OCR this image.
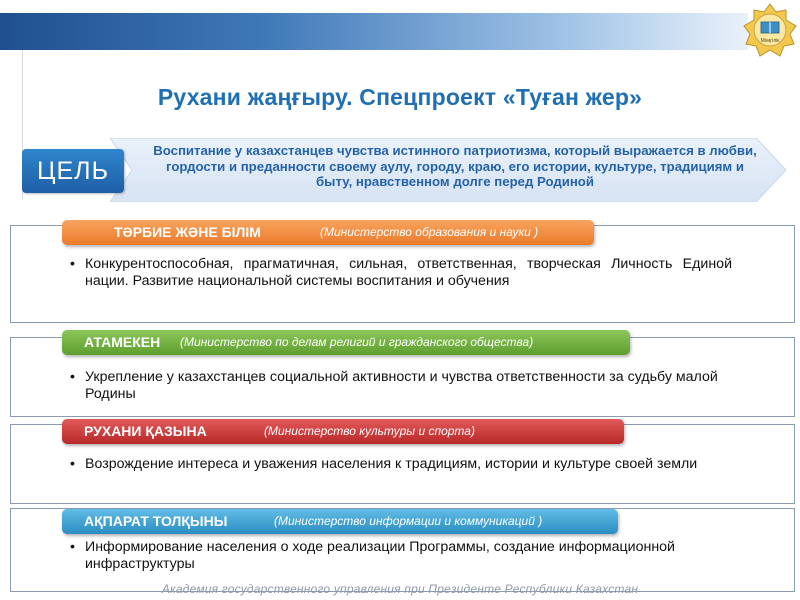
Мәңгілік
Рухани жаңғыру. Спецпроект «Туған жер»
Воспитание у казахстанцев чувства истинного патриотизма, который выражается в любви, гордости и преданности своему аулу, городу, краю, его истории, культуре, традициям и быту, нравственном долге перед Родиной
ЦЕЛЬ
ТӘРБИЕ ЖӘНЕ БІЛІМ	(Министерство образования и науки )
• Конкурентоспособная, прагматичная, сильная, ответственная, творческая Личность Единой нации. Развитие национальной системы воспитания и обучения
АТАМЕКЕН (Министерство по делам религий и гражданского общества)
• Укрепление у казахстанцев социальной активности и чувства ответственности за судьбу малой Родины
РУХАНИ ҚАЗЫНА	(Министерство культуры и спорта)
• Возрождение интереса и уважения населения к традициям, истории и культуре своей земли
АҚПАРАТ ТОЛҚЫНЫ	(Министерство информации и коммуникаций )
• Информирование населения о ходе реализации Программы, создание информационной инфраструктуры
Академия государственного управления при Президенте Республики Казахстан
